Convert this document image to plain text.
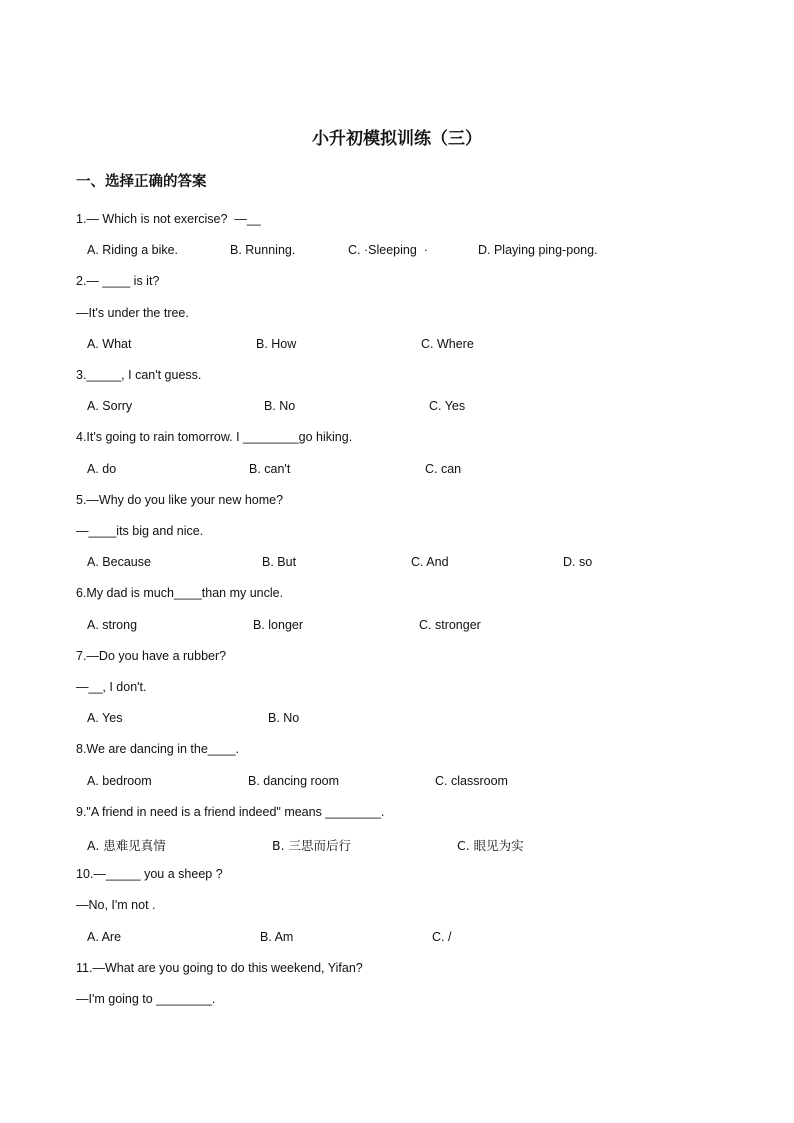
小升初模拟训练（三）
一、选择正确的答案
1.— Which is not exercise?  —__
A. Riding a bike.	B. Running.	C. ·Sleeping  ·	D. Playing ping-pong.
2.— ____ is it?
—It's under the tree.
A. What	B. How	C. Where
3._____, I can't guess.
A. Sorry	B. No	C. Yes
4.It's going to rain tomorrow. I ________go hiking.
A. do	B. can't	C. can
5.—Why do you like your new home?
—____its big and nice.
A. Because	B. But	C. And	D. so
6.My dad is much____than my uncle.
A. strong	B. longer	C. stronger
7.—Do you have a rubber?
—__, I don't.
A. Yes	B. No
8.We are dancing in the____.
A. bedroom	B. dancing room	C. classroom
9."A friend in need is a friend indeed" means ________.
A. 患难见真情	B. 三思而后行	C. 眼见为实
10.—_____ you a sheep ?
—No, I'm not .
A. Are	B. Am	C. /
11.—What are you going to do this weekend, Yifan?
—I'm going to ________.
